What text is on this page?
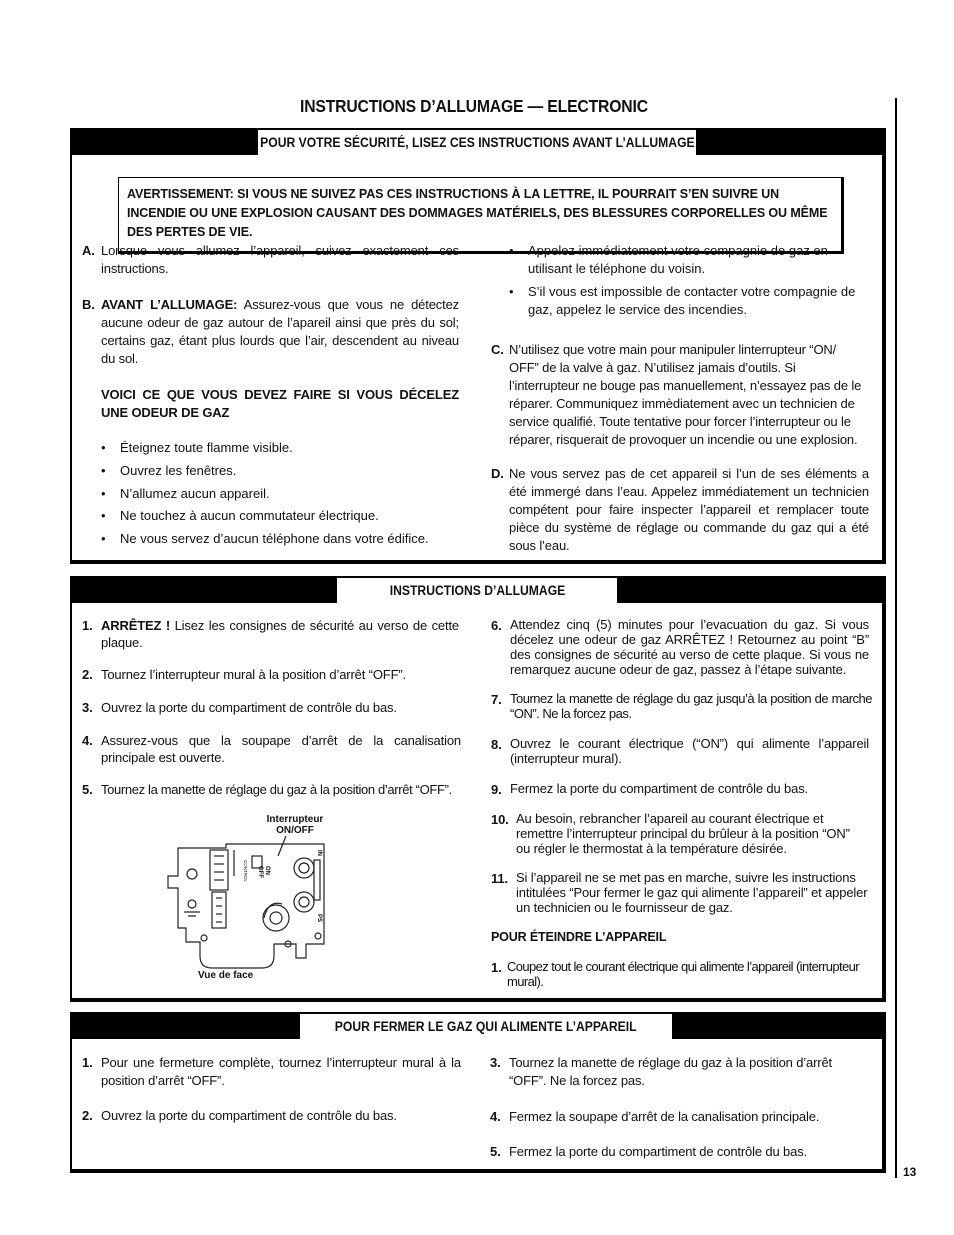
INSTRUCTIONS D’ALLUMAGE — ELECTRONIC
13
POUR VOTRE SÉCURITÉ, LISEZ CES INSTRUCTIONS AVANT L’ALLUMAGE
AVERTISSEMENT: SI VOUS NE SUIVEZ PAS CES INSTRUCTIONS À LA LETTRE, IL POURRAIT S’EN SUIVRE UN INCENDIE OU UNE EXPLOSION CAUSANT DES DOMMAGES MATÉRIELS, DES BLESSURES CORPORELLES OU MÊME DES PERTES DE VIE.
A. Lorsque vous allumez l’appareil, suivez exactement ces instructions.
B. AVANT L’ALLUMAGE: Assurez-vous que vous ne détectez aucune odeur de gaz autour de l’apareil ainsi que près du sol; certains gaz, étant plus lourds que l’air, descendent au niveau du sol.
VOICI CE QUE VOUS DEVEZ FAIRE SI VOUS DÉCELEZ UNE ODEUR DE GAZ
• Éteignez toute flamme visible.
• Ouvrez les fenêtres.
• N’allumez aucun appareil.
• Ne touchez à aucun commutateur électrique.
• Ne vous servez d’aucun téléphone dans votre édifice.
• Appelez immédiatement votre compagnie de gaz en utilisant le téléphone du voisin.
• S’il vous est impossible de contacter votre compagnie de gaz, appelez le service des incendies.
C. N’utilisez que votre main pour manipuler linterrupteur “ON/ OFF” de la valve à gaz. N’utilisez jamais d’outils. Si l’interrupteur ne bouge pas manuellement, n’essayez pas de le réparer. Communiquez immèdiatement avec un technicien de service qualifié. Toute tentative pour forcer l’interrupteur ou le réparer, risquerait de provoquer un incendie ou une explosion.
D. Ne vous servez pas de cet appareil si l’un de ses éléments a été immergé dans l’eau. Appelez immédiatement un technicien compétent pour faire inspecter l’appareil et remplacer toute pièce du système de réglage ou commande du gaz qui a été sous l’eau.
INSTRUCTIONS D’ALLUMAGE
1. ARRÊTEZ ! Lisez les consignes de sécurité au verso de cette plaque.
2. Tournez l’interrupteur mural à la position d’arrêt “OFF”.
3. Ouvrez la porte du compartiment de contrôle du bas.
4. Assurez-vous que la soupape d’arrêt de la canalisation principale est ouverte.
5. Tournez la manette de réglage du gaz à la position d’arrêt “OFF”.
Interrupteur
ON/OFF
CONTROL	ON
OFF
IN
PS
Vue de face
6. Attendez cinq (5) minutes pour l’evacuation du gaz. Si vous décelez une odeur de gaz ARRÊTEZ ! Retournez au point “B” des consignes de sécurité au verso de cette plaque. Si vous ne remarquez aucune odeur de gaz, passez à l’étape suivante.
7. Tournez la manette de réglage du gaz jusqu’à la position de marche “ON”. Ne la forcez pas.
8. Ouvrez le courant électrique (“ON”) qui alimente l’appareil (interrupteur mural).
9. Fermez la porte du compartiment de contrôle du bas.
10. Au besoin, rebrancher l’apareil au courant électrique et remettre l’interrupteur principal du brûleur à la position “ON” ou régler le thermostat à la température désirée.
11. Si l’appareil ne se met pas en marche, suivre les instructions intitulées “Pour fermer le gaz qui alimente l’appareil” et appeler un technicien ou le fournisseur de gaz.
POUR ÉTEINDRE L’APPAREIL
1. Coupez tout le courant électrique qui alimente l’appareil (interrupteur mural).
POUR FERMER LE GAZ QUI ALIMENTE L’APPAREIL
1. Pour une fermeture complète, tournez l’interrupteur mural à la position d’arrêt “OFF”.
2. Ouvrez la porte du compartiment de contrôle du bas.
3. Tournez la manette de réglage du gaz à la position d’arrêt “OFF”. Ne la forcez pas.
4. Fermez la soupape d’arrêt de la canalisation principale.
5. Fermez la porte du compartiment de contrôle du bas.
